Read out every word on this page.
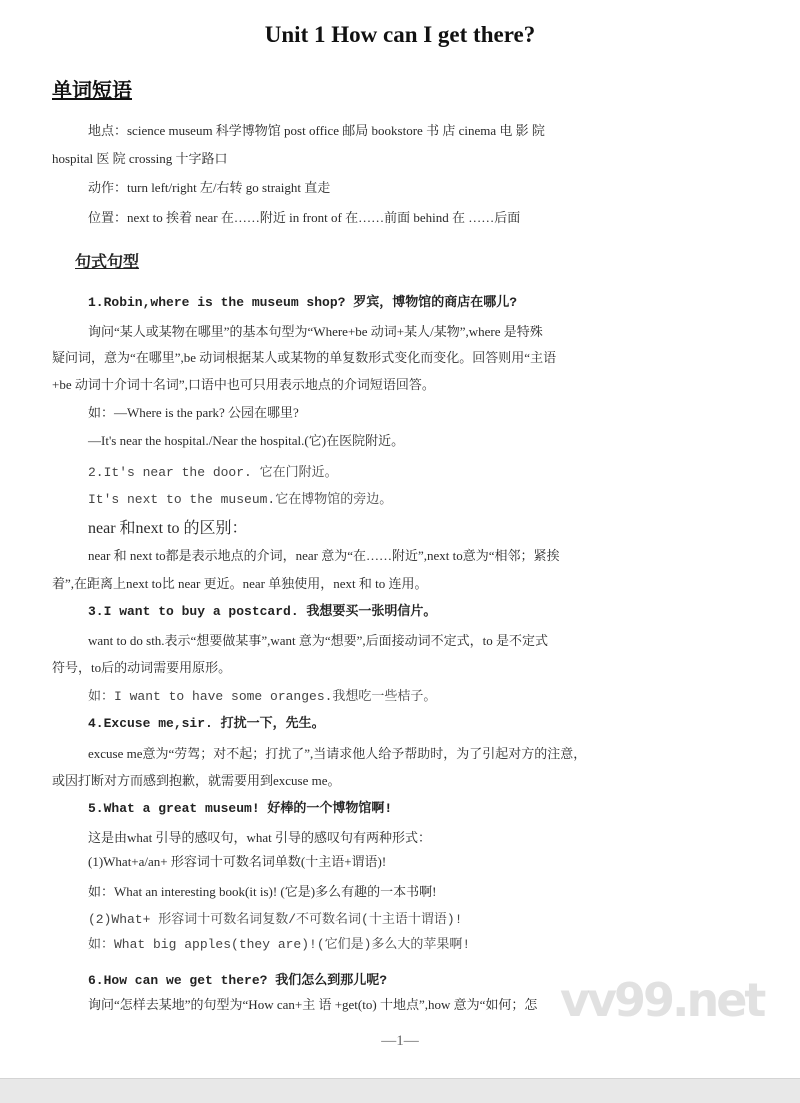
Unit 1 How can I get there?
单词短语
地点：science museum 科学博物馆 post office 邮局 bookstore 书 店 cinema 电 影 院
hospital 医 院 crossing 十字路口
动作：turn left/right 左/右转 go straight 直走
位置：next to 挨着 near 在……附近 in front of 在……前面 behind 在 ……后面
句式句型
1.Robin,where is the museum shop? 罗宾，博物馆的商店在哪儿?
询问“某人或某物在哪里”的基本句型为“Where+be 动词+某人/某物”,where 是特殊
疑问词，意为“在哪里”,be 动词根据某人或某物的单复数形式变化而变化。回答则用“主语
+be 动词十介词十名词”,口语中也可只用表示地点的介词短语回答。
如：—Where is the park? 公园在哪里?
—It's near the hospital./Near the hospital.(它)在医院附近。
2.It's near the door. 它在门附近。
It's next to the museum.它在博物馆的旁边。
near 和next to 的区别：
near 和 next to都是表示地点的介词，near 意为“在……附近”,next to意为“相邻；紧挨
着”,在距离上next to比 near 更近。near 单独使用，next 和 to 连用。
3.I want to buy a postcard. 我想要买一张明信片。
want to do sth.表示“想要做某事”,want 意为“想要”,后面接动词不定式，to 是不定式
符号，to后的动词需要用原形。
如：I want to have some oranges.我想吃一些桔子。
4.Excuse me,sir. 打扰一下，先生。
excuse me意为“劳驾；对不起；打扰了”,当请求他人给予帮助时，为了引起对方的注意，
或因打断对方而感到抱歉，就需要用到excuse me。
5.What a great museum! 好棒的一个博物馆啊!
这是由what 引导的感叹句，what 引导的感叹句有两种形式：
(1)What+a/an+ 形容词十可数名词单数(十主语+谓语)!
如：What an interesting book(it is)! (它是)多么有趣的一本书啊!
(2)What+ 形容词十可数名词复数/不可数名词(十主语十谓语)!
如：What big apples(they are)!(它们是)多么大的苹果啊!
6.How can we get there? 我们怎么到那儿呢?
询问“怎样去某地”的句型为“How can+主 语 +get(to) 十地点”,how 意为“如何；怎 vv99.net
—1—
